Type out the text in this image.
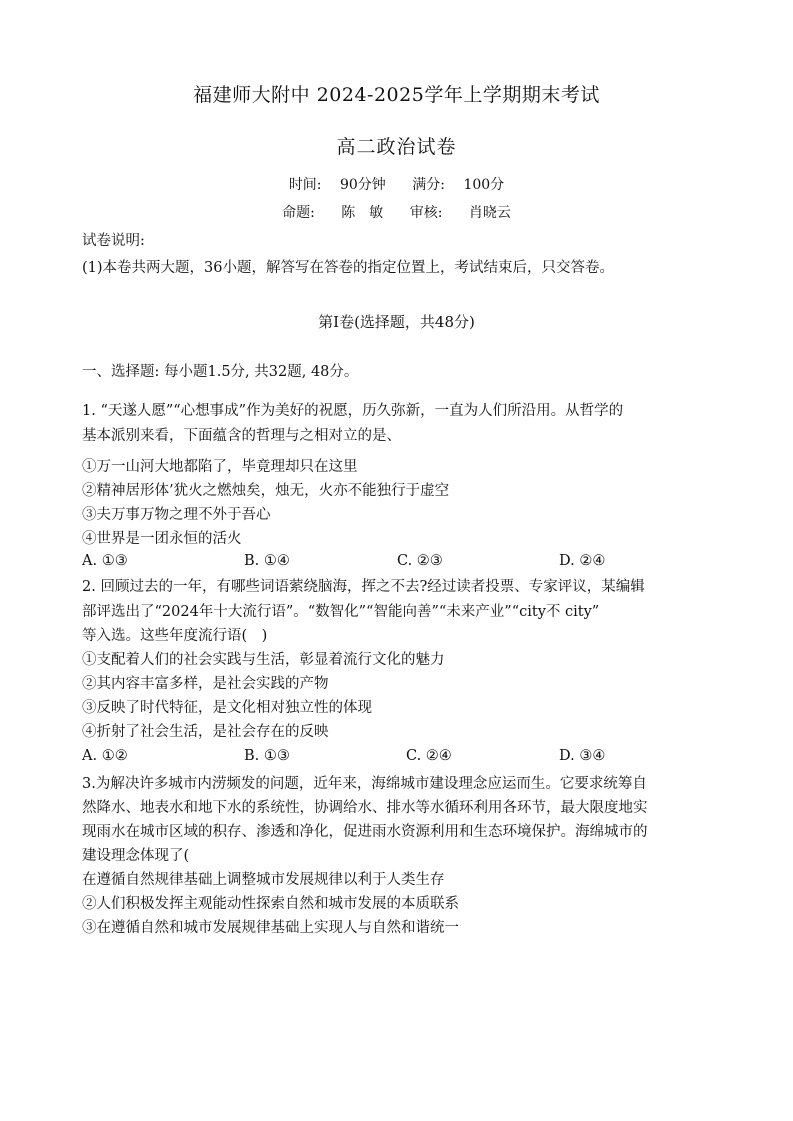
福建师大附中 2024-2025学年上学期期末考试
高二政治试卷
时间: 90分钟 满分: 100分
命题: 陈　敏 审核: 肖晓云
试卷说明:
(1)本卷共两大题，36小题，解答写在答卷的指定位置上，考试结束后，只交答卷。
第Ⅰ卷(选择题，共48分)
一、选择题: 每小题1.5分, 共32题, 48分。
1. “天遂人愿”“心想事成”作为美好的祝愿，历久弥新，一直为人们所沿用。从哲学的
基本派别来看，下面蕴含的哲理与之相对立的是、
①万一山河大地都陷了，毕竟理却只在这里
②精神居形体’犹火之燃烛矣，烛无，火亦不能独行于虚空
③夫万事万物之理不外于吾心
④世界是一团永恒的活火
A. ①③	B. ①④	C. ②③	D. ②④
2. 回顾过去的一年，有哪些词语萦绕脑海，挥之不去?经过读者投票、专家评议，某编辑
部评选出了“2024年十大流行语”。“数智化”“智能向善”“未来产业”“city不 city”
等入选。这些年度流行语(　)
①支配着人们的社会实践与生活，彰显着流行文化的魅力
②其内容丰富多样，是社会实践的产物
③反映了时代特征，是文化相对独立性的体现
④折射了社会生活，是社会存在的反映
A. ①②	B. ①③	C. ②④	D. ③④
3.为解决许多城市内涝频发的问题，近年来，海绵城市建设理念应运而生。它要求统筹自
然降水、地表水和地下水的系统性，协调给水、排水等水循环利用各环节，最大限度地实
现雨水在城市区域的积存、渗透和净化，促进雨水资源利用和生态环境保护。海绵城市的
建设理念体现了(
在遵循自然规律基础上调整城市发展规律以利于人类生存
②人们积极发挥主观能动性探索自然和城市发展的本质联系
③在遵循自然和城市发展规律基础上实现人与自然和谐统一
